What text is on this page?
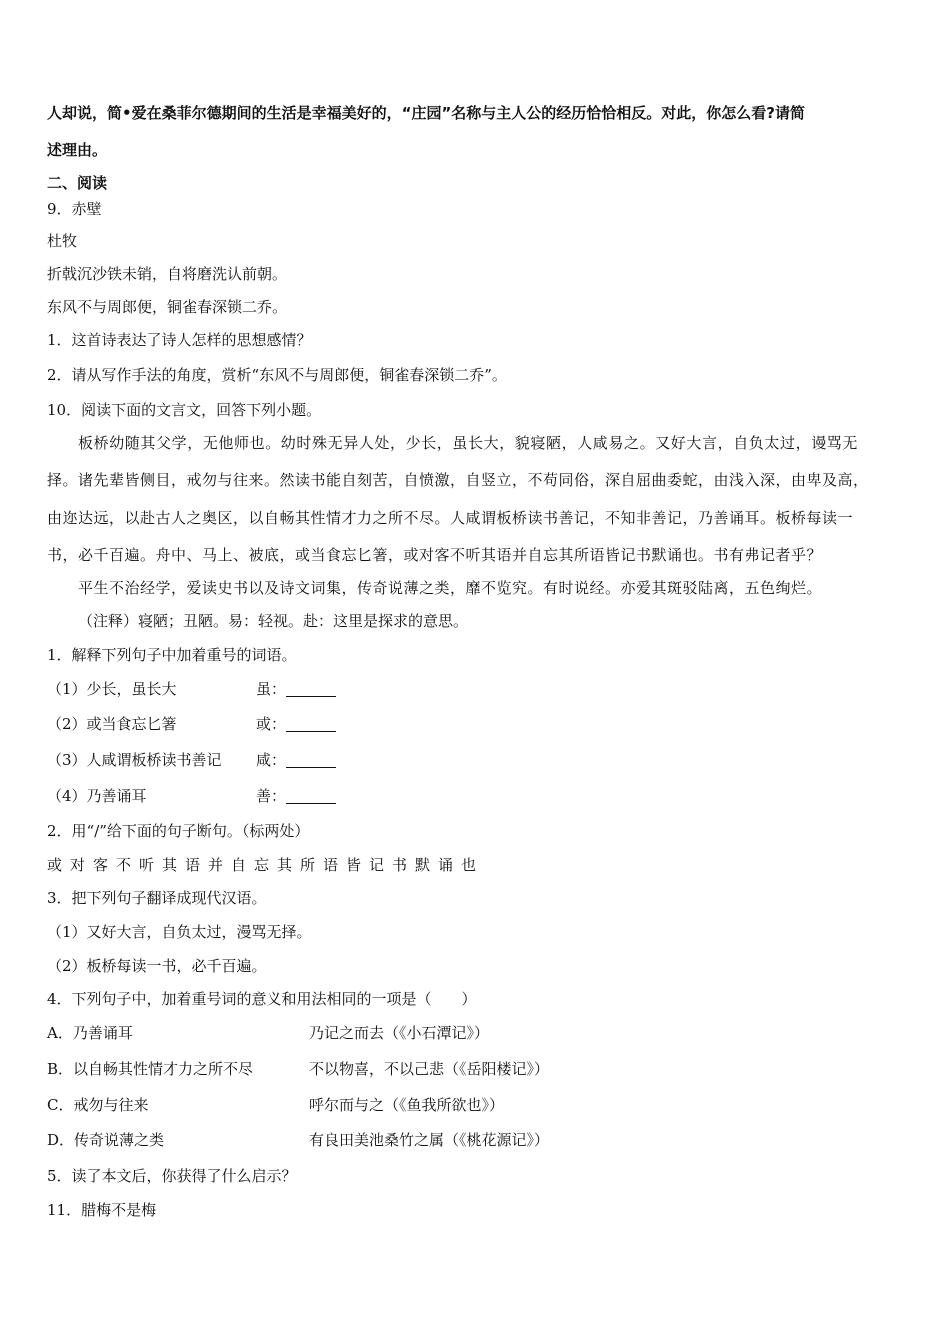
人却说，简•爱在桑菲尔德期间的生活是幸福美好的，“庄园”名称与主人公的经历恰恰相反。对此，你怎么看?请简
述理由。
二、阅读
9．赤壁
杜牧
折戟沉沙铁未销，自将磨洗认前朝。
东风不与周郎便，铜雀春深锁二乔。
1．这首诗表达了诗人怎样的思想感情？
2．请从写作手法的角度，赏析“东风不与周郎便，铜雀春深锁二乔”。
10．阅读下面的文言文，回答下列小题。
板桥幼随其父学，无他师也。幼时殊无异人处，少长，虽长大，貌寝陋，人咸易之。又好大言，自负太过，谩骂无
择。诸先辈皆侧目，戒勿与往来。然读书能自刻苦，自愤激，自竖立，不苟同俗，深自屈曲委蛇，由浅入深，由卑及高，
由迩达远，以赴古人之奥区，以自畅其性情才力之所不尽。人咸谓板桥读书善记，不知非善记，乃善诵耳。板桥每读一
书，必千百遍。舟中、马上、被底，或当食忘匕箸，或对客不听其语并自忘其所语皆记书默诵也。书有弗记者乎？
平生不治经学，爱读史书以及诗文词集，传奇说薄之类，靡不览究。有时说经。亦爱其斑驳陆离，五色绚烂。
（注释）寝陋；丑陋。易：轻视。赴：这里是探求的意思。
1．解释下列句子中加着重号的词语。
（1）少长，虽长大	虽：
（2）或当食忘匕箸	或：
（3）人咸谓板桥读书善记 咸：
（4）乃善诵耳	善：
2．用“/”给下面的句子断句。（标两处）
或对客不听其语并自忘其所语皆记书默诵也
3．把下列句子翻译成现代汉语。
（1）又好大言，自负太过，漫骂无择。
（2）板桥每读一书，必千百遍。
4．下列句子中，加着重号词的意义和用法相同的一项是（　　）
A．乃善诵耳	乃记之而去（《小石潭记》）
B．以自畅其性情才力之所不尽	不以物喜，不以己悲（《岳阳楼记》）
C．戒勿与往来	呼尔而与之（《鱼我所欲也》）
D．传奇说薄之类	有良田美池桑竹之属（《桃花源记》）
5．读了本文后，你获得了什么启示？
11．腊梅不是梅
